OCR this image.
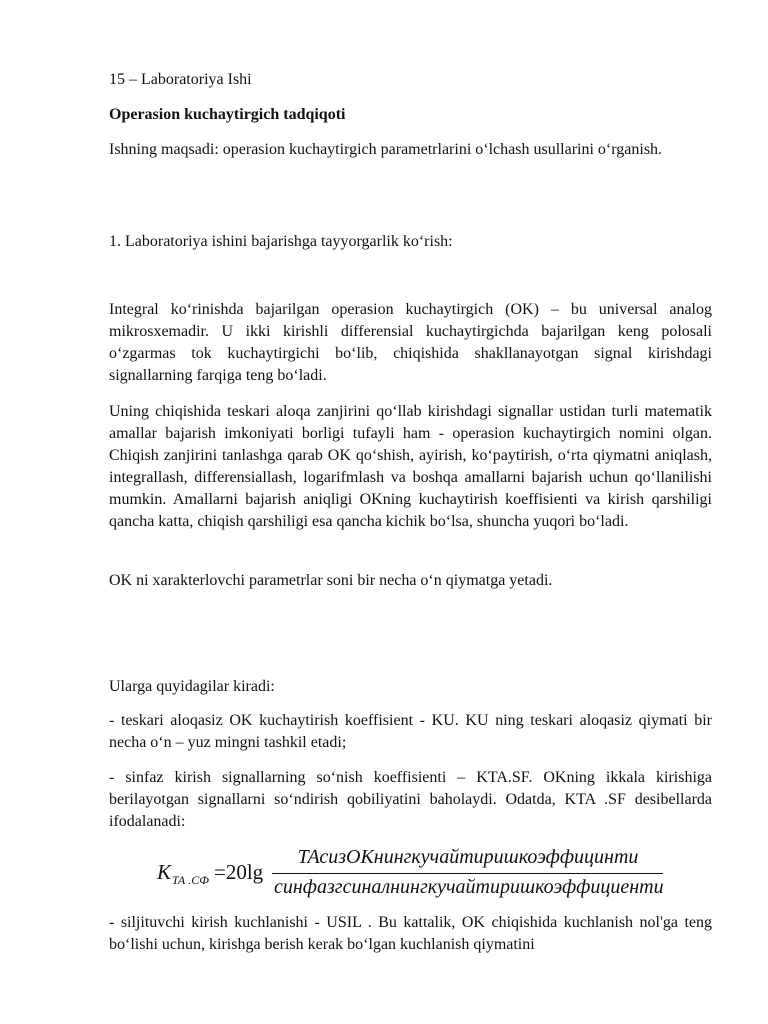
15 – Laboratoriya Ishi

Operasion kuchaytirgich tadqiqoti

Ishning maqsadi: operasion kuchaytirgich parametrlarini o‘lchash usullarini o‘rganish.

1. Laboratoriya ishini bajarishga tayyorgarlik ko‘rish:

Integral ko‘rinishda bajarilgan operasion kuchaytirgich (OK) – bu universal analog mikrosxemadir. U ikki kirishli differensial kuchaytirgichda bajarilgan keng polosali o‘zgarmas tok kuchaytirgichi bo‘lib, chiqishida shakllanayotgan signal kirishdagi signallarning farqiga teng bo‘ladi.

Uning chiqishida teskari aloqa zanjirini qo‘llab kirishdagi signallar ustidan turli matematik amallar bajarish imkoniyati borligi tufayli ham - operasion kuchaytirgich nomini olgan. Chiqish zanjirini tanlashga qarab OK qo‘shish, ayirish, ko‘paytirish, o‘rta qiymatni aniqlash, integrallash, differensiallash, logarifmlash va boshqa amallarni bajarish uchun qo‘llanilishi mumkin. Amallarni bajarish aniqligi OKning kuchaytirish koeffisienti va kirish qarshiligi qancha katta, chiqish qarshiligi esa qancha kichik bo‘lsa, shuncha yuqori bo‘ladi.

OK ni xarakterlovchi parametrlar soni bir necha o‘n qiymatga yetadi.

Ularga quyidagilar kiradi:

- teskari aloqasiz OK kuchaytirish koeffisient - KU. KU ning teskari aloqasiz qiymati bir necha o‘n – yuz mingni tashkil etadi;

- sinfaz kirish signallarning so‘nish koeffisienti – KTA.SF. OKning ikkala kirishiga berilayotgan signallarni so‘ndirish qobiliyatini baholaydi. Odatda, KTA .SF desibellarda ifodalanadi:

K ТА .СФ =20lg
ТАсизОКнингкучайтиришкоэффицинти
синфазгсиналнингкучайтиришкоэффициенти

- siljituvchi kirish kuchlanishi - USIL . Bu kattalik, OK chiqishida kuchlanish nol'ga teng bo‘lishi uchun, kirishga berish kerak bo‘lgan kuchlanish qiymatini
